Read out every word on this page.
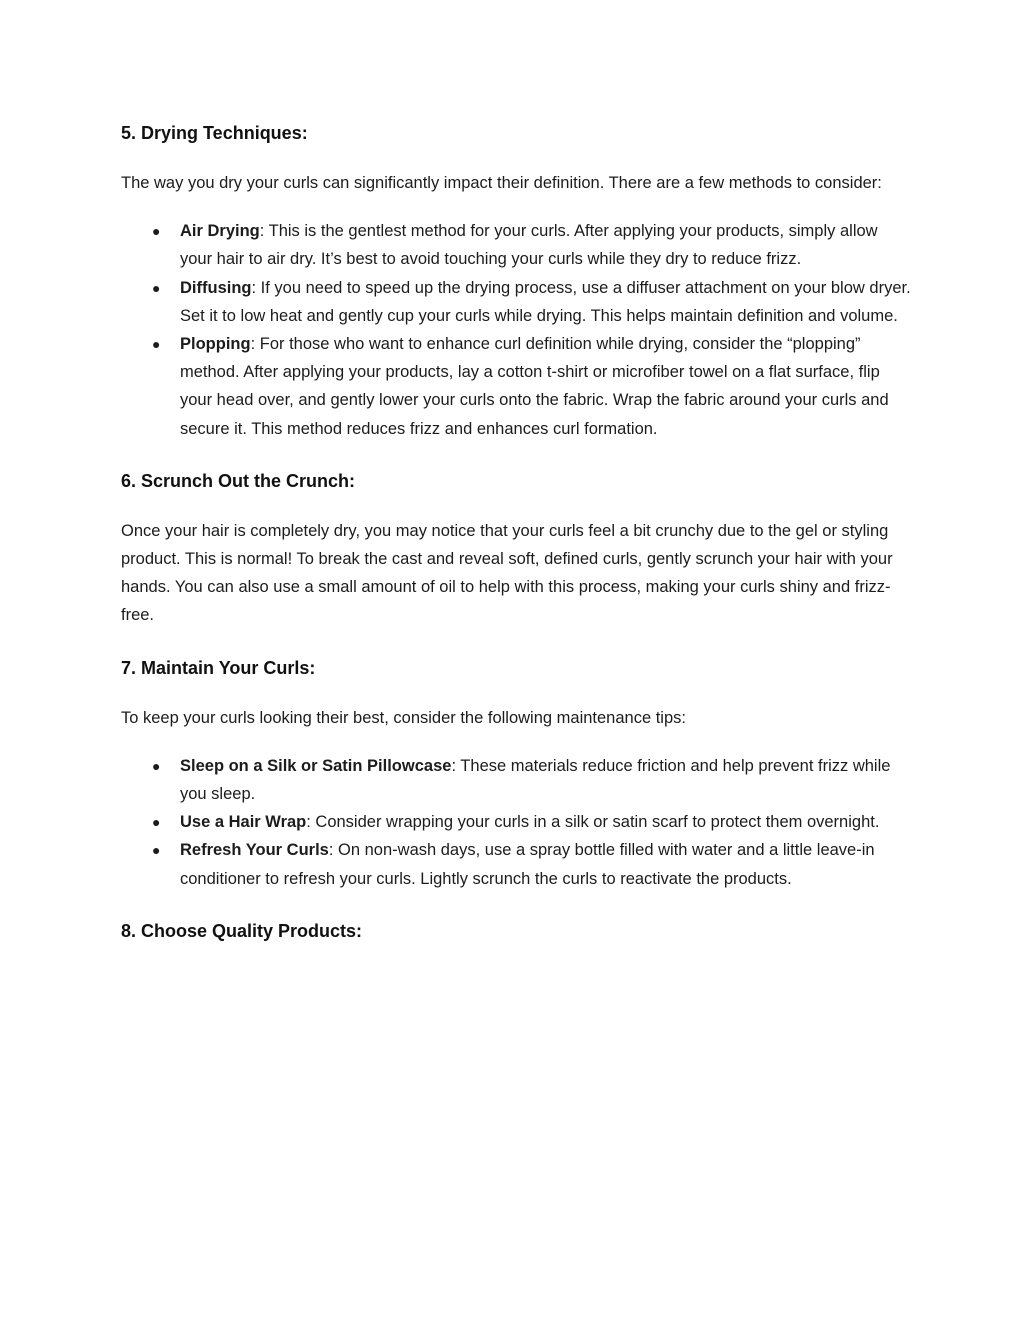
5. Drying Techniques:

The way you dry your curls can significantly impact their definition. There are a few methods to consider:

● Air Drying: This is the gentlest method for your curls. After applying your products, simply allow your hair to air dry. It’s best to avoid touching your curls while they dry to reduce frizz.
● Diffusing: If you need to speed up the drying process, use a diffuser attachment on your blow dryer. Set it to low heat and gently cup your curls while drying. This helps maintain definition and volume.
● Plopping: For those who want to enhance curl definition while drying, consider the “plopping” method. After applying your products, lay a cotton t-shirt or microfiber towel on a flat surface, flip your head over, and gently lower your curls onto the fabric. Wrap the fabric around your curls and secure it. This method reduces frizz and enhances curl formation.
6. Scrunch Out the Crunch:

Once your hair is completely dry, you may notice that your curls feel a bit crunchy due to the gel or styling product. This is normal! To break the cast and reveal soft, defined curls, gently scrunch your hair with your hands. You can also use a small amount of oil to help with this process, making your curls shiny and frizz-free.

7. Maintain Your Curls:

To keep your curls looking their best, consider the following maintenance tips:

● Sleep on a Silk or Satin Pillowcase: These materials reduce friction and help prevent frizz while you sleep.
● Use a Hair Wrap: Consider wrapping your curls in a silk or satin scarf to protect them overnight.
● Refresh Your Curls: On non-wash days, use a spray bottle filled with water and a little leave-in conditioner to refresh your curls. Lightly scrunch the curls to reactivate the products.
8. Choose Quality Products:
